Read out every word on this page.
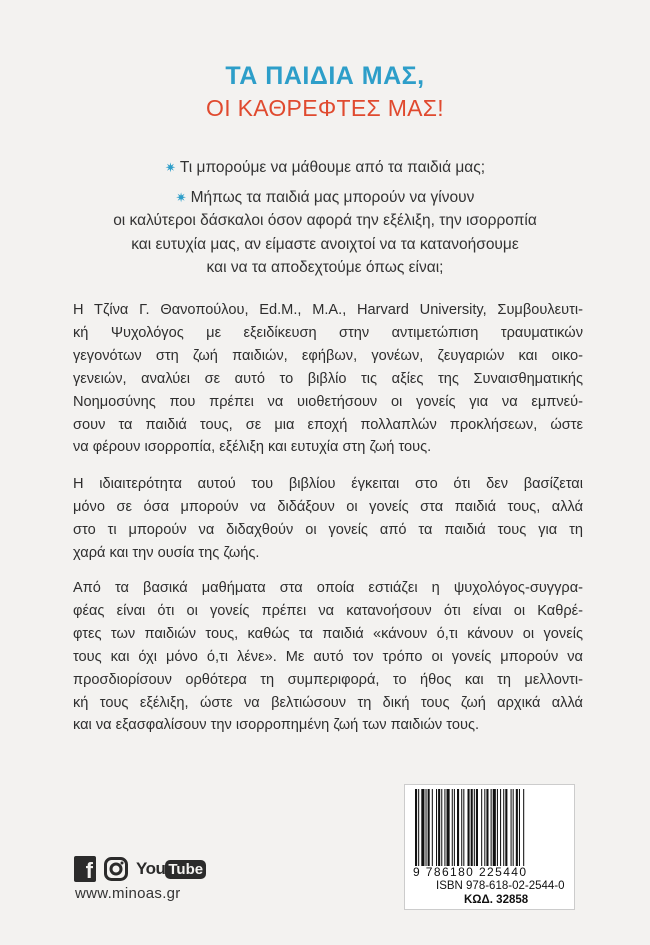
ΤΑ ΠΑΙΔΙΑ ΜΑΣ,
ΟΙ ΚΑΘΡΕΦΤΕΣ ΜΑΣ!
✷ Τι μπορούμε να μάθουμε από τα παιδιά μας;
✷ Μήπως τα παιδιά μας μπορούν να γίνουν
οι καλύτεροι δάσκαλοι όσον αφορά την εξέλιξη, την ισορροπία
και ευτυχία μας, αν είμαστε ανοιχτοί να τα κατανοήσουμε
και να τα αποδεχτούμε όπως είναι;
Η Τζίνα Γ. Θανοπούλου, Ed.M., M.A., Harvard University, Συμβουλευτι-
κή Ψυχολόγος με εξειδίκευση στην αντιμετώπιση τραυματικών
γεγονότων στη ζωή παιδιών, εφήβων, γονέων, ζευγαριών και οικο-
γενειών, αναλύει σε αυτό το βιβλίο τις αξίες της Συναισθηματικής
Νοημοσύνης που πρέπει να υιοθετήσουν οι γονείς για να εμπνεύ-
σουν τα παιδιά τους, σε μια εποχή πολλαπλών προκλήσεων, ώστε
να φέρουν ισορροπία, εξέλιξη και ευτυχία στη ζωή τους.
Η ιδιαιτερότητα αυτού του βιβλίου έγκειται στο ότι δεν βασίζεται
μόνο σε όσα μπορούν να διδάξουν οι γονείς στα παιδιά τους, αλλά
στο τι μπορούν να διδαχθούν οι γονείς από τα παιδιά τους για τη
χαρά και την ουσία της ζωής.
Από τα βασικά μαθήματα στα οποία εστιάζει η ψυχολόγος-συγγρα-
φέας είναι ότι οι γονείς πρέπει να κατανοήσουν ότι είναι οι Καθρέ-
φτες των παιδιών τους, καθώς τα παιδιά «κάνουν ό,τι κάνουν οι γονείς
τους και όχι μόνο ό,τι λένε». Με αυτό τον τρόπο οι γονείς μπορούν να
προσδιορίσουν ορθότερα τη συμπεριφορά, το ήθος και τη μελλοντι-
κή τους εξέλιξη, ώστε να βελτιώσουν τη δική τους ζωή αρχικά αλλά
και να εξασφαλίσουν την ισορροπημένη ζωή των παιδιών τους.
f	You Tube
www.minoas.gr
9 786180 225440
ISBN 978-618-02-2544-0
ΚΩΔ. 32858
